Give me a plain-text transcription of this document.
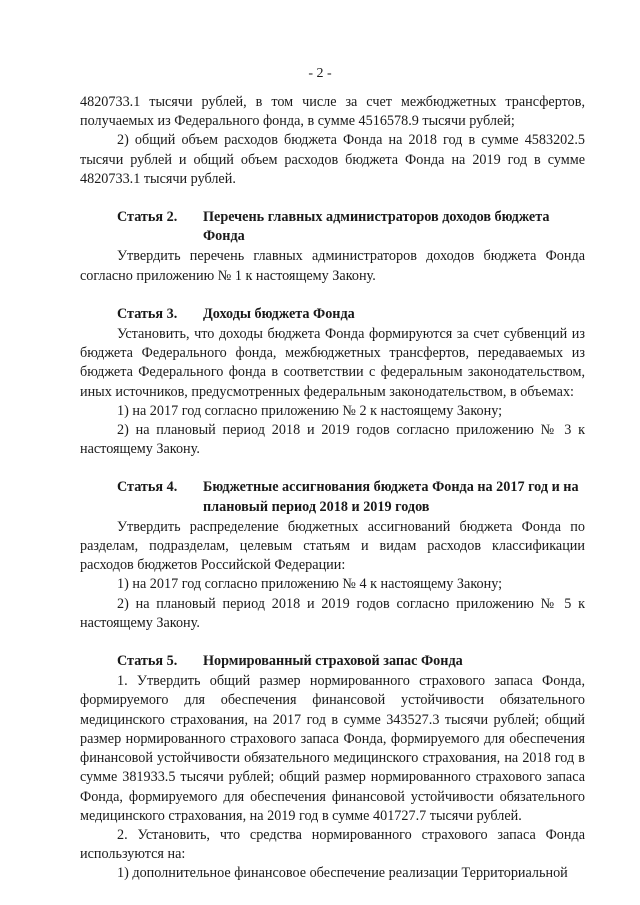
- 2 -

4820733.1 тысячи рублей, в том числе за счет межбюджетных трансфертов, получаемых из Федерального фонда, в сумме 4516578.9 тысячи рублей;

2) общий объем расходов бюджета Фонда на 2018 год в сумме 4583202.5 тысячи рублей и общий объем расходов бюджета Фонда на 2019 год в сумме 4820733.1 тысячи рублей.

Статья 2.	Перечень главных администраторов доходов бюджета Фонда

Утвердить перечень главных администраторов доходов бюджета Фонда согласно приложению № 1 к настоящему Закону.

Статья 3.	Доходы бюджета Фонда

Установить, что доходы бюджета Фонда формируются за счет субвенций из бюджета Федерального фонда, межбюджетных трансфертов, передаваемых из бюджета Федерального фонда в соответствии с федеральным законодательством, иных источников, предусмотренных федеральным законодательством, в объемах:

1) на 2017 год согласно приложению № 2 к настоящему Закону;

2) на плановый период 2018 и 2019 годов согласно приложению № 3 к настоящему Закону.

Статья 4.	Бюджетные ассигнования бюджета Фонда на 2017 год и на плановый период 2018 и 2019 годов

Утвердить распределение бюджетных ассигнований бюджета Фонда по разделам, подразделам, целевым статьям и видам расходов классификации расходов бюджетов Российской Федерации:

1) на 2017 год согласно приложению № 4 к настоящему Закону;

2) на плановый период 2018 и 2019 годов согласно приложению № 5 к настоящему Закону.

Статья 5.	Нормированный страховой запас Фонда

1. Утвердить общий размер нормированного страхового запаса Фонда, формируемого для обеспечения финансовой устойчивости обязательного медицинского страхования, на 2017 год в сумме 343527.3 тысячи рублей; общий размер нормированного страхового запаса Фонда, формируемого для обеспечения финансовой устойчивости обязательного медицинского страхования, на 2018 год в сумме 381933.5 тысячи рублей; общий размер нормированного страхового запаса Фонда, формируемого для обеспечения финансовой устойчивости обязательного медицинского страхования, на 2019 год в сумме 401727.7 тысячи рублей.

2. Установить, что средства нормированного страхового запаса Фонда используются на:

1) дополнительное финансовое обеспечение реализации Территориальной
